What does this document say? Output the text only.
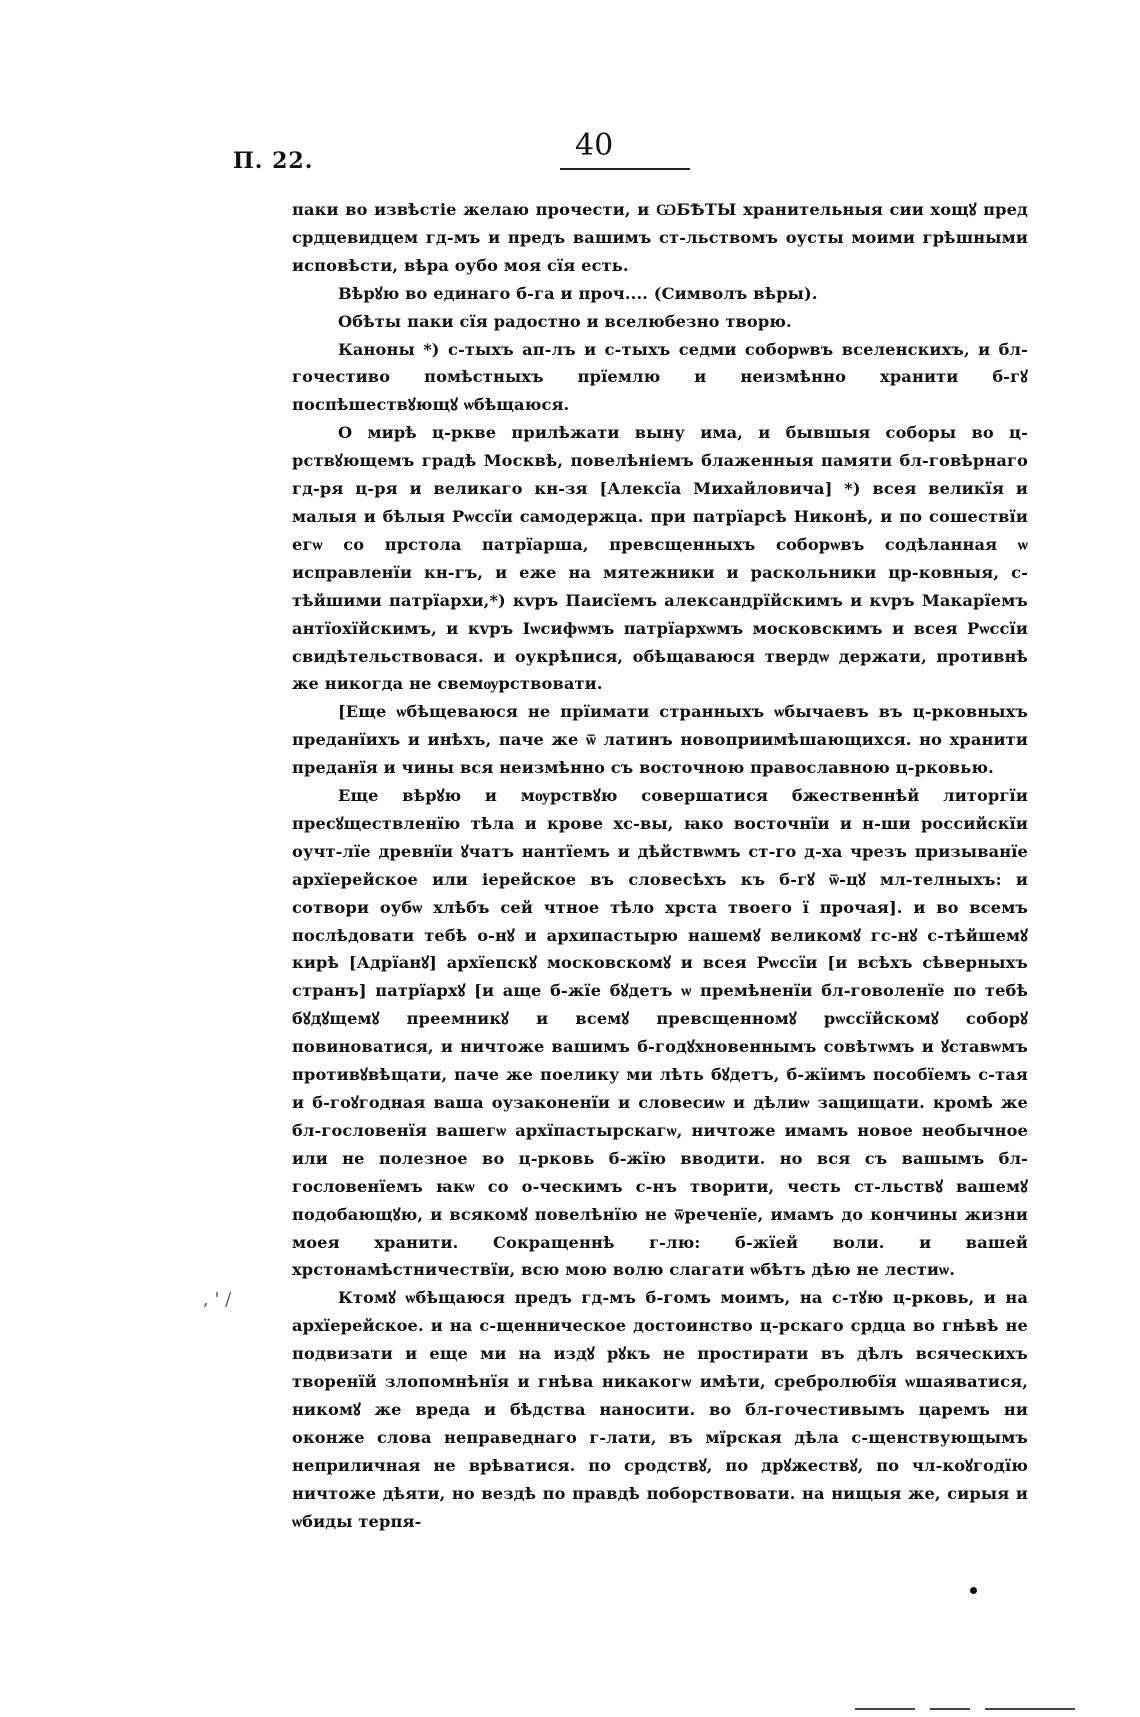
П. 22.	40

паки во извѣстіе желаю прочести, и ѠБѢТЫ хранительныя сии хощꙋ пред срдцевидцем гд-мъ и предъ вашимъ ст-льствомъ оусты моими грѣшными исповѣсти, вѣра оубо моя сїя есть.

Вѣрꙋю во единаго б-га и проч.... (Символъ вѣры).

Обѣты паки сїя радостно и вселюбезно творю.

Каноны *) с-тыхъ ап-лъ и с-тыхъ седми соборѡвъ вселенскихъ, и бл-гочестиво помѣстныхъ прїемлю и неизмѣнно хранити б-гꙋ поспѣшествꙋющꙋ ѡбѣщаюся.

О мирѣ ц-ркве прилѣжати выну има, и бывшыя соборы во ц-рствꙋющемъ градѣ Москвѣ, повелѣніемъ блаженныя памяти бл-говѣрнаго гд-ря ц-ря и великаго кн-зя [Алексїа Михайловича] *) всея великїя и малыя и бѣлыя Рѡссїи самодержца. при патрїарсѣ Никонѣ, и по сошествїи егѡ со прстола патрїарша, превсщенныхъ соборѡвъ содѣланная ѡ исправленїи кн-гъ, и еже на мятежники и раскольники цр-ковныя, с-тѣйшими патрїархи,*) кvръ Паисїемъ александрїйскимъ и кvръ Макарїемъ антїохїйскимъ, и кvръ Іѡсифѡмъ патрїархѡмъ московскимъ и всея Рѡссїи свидѣтельствовася. и оукрѣпися, обѣщаваюся твердѡ держати, противнѣ же никогда не свемѹрствовати.

[Еще ѡбѣщеваюся не прїимати странныхъ ѡбычаевъ въ ц-рковныхъ преданїихъ и инѣхъ, паче же ѿ латинъ новоприимѣшающихся. но хранити преданїя и чины вся неизмѣнно съ восточною православною ц-рковью.

Еще вѣрꙋю и мѹрствꙋю совершатися бжественнѣй литоргїи пресꙋществленїю тѣла и крове хс-вы, ꙗко восточнїи и н-ши российскїи оучт-лїе древнїи ꙋчатъ нантїемъ и дѣйствѡмъ ст-го д-ха чрезъ призыванїе архїерейское или іерейское въ словесѣхъ къ б-гꙋ ѿ-цꙋ мл-телныхъ: и сотвори оубѡ хлѣбъ сей чтное тѣло хрста твоего ї прочая]. и во всемъ послѣдовати тебѣ о-нꙋ и архипастырю нашемꙋ великомꙋ гс-нꙋ с-тѣйшемꙋ кирѣ [Адрїанꙋ] архїепскꙋ московскомꙋ и всея Рѡссїи [и всѣхъ сѣверныхъ странъ] патрїархꙋ [и аще б-жїе бꙋдетъ ѡ премѣненїи бл-говоленїе по тебѣ бꙋдꙋщемꙋ преемникꙋ и всемꙋ превсщенномꙋ рѡссїйскомꙋ соборꙋ повиноватися, и ничтоже вашимъ б-годꙋхновеннымъ совѣтѡмъ и ꙋставѡмъ противꙋвѣщати, паче же поелику ми лѣть бꙋдетъ, б-жїимъ пособїемъ с-тая и б-гоꙋгодная ваша оузаконенїи и словесиѡ и дѣлиѡ защищати. кромѣ же бл-гословенїя вашегѡ архїпастырскагѡ, ничтоже имамъ новое необычное или не полезное во ц-рковь б-жїю вводити. но вся съ вашымъ бл-гословенїемъ ꙗкѡ со о-ческимъ с-нъ творити, честь ст-льствꙋ вашемꙋ подобающꙋю, и всякомꙋ повелѣнїю не ѿреченїе, имамъ до кончины жизни моея хранити. Сокращеннѣ г-лю: б-жїей воли. и вашей хрстонамѣстничествїи, всю мою волю слагати ѡбѣтъ дѣю не лестиѡ.

Ктомꙋ ѡбѣщаюся предъ гд-мъ б-гомъ моимъ, на с-тꙋю ц-рковь, и на архїерейское. и на с-щенническое достоинство ц-рскаго срдца во гнѣвѣ не подвизати и еще ми на издꙋ рꙋкъ не простирати въ дѣлъ всяческихъ творенїй злопомнѣнїя и гнѣва никакогѡ имѣти, сребролюбїя ѡшаяватися, никомꙋ же вреда и бѣдства наносити. во бл-гочестивымъ царемъ ни оконже слова неправеднаго г-лати, въ мїрская дѣла с-щенствующымъ неприличная не врѣватися. по сродствꙋ, по дрꙋжествꙋ, по чл-коꙋгодїю ничтоже дѣяти, но вездѣ по правдѣ поборствовати. на нищыя же, сирыя и ѡбиды терпя-

, ' /
